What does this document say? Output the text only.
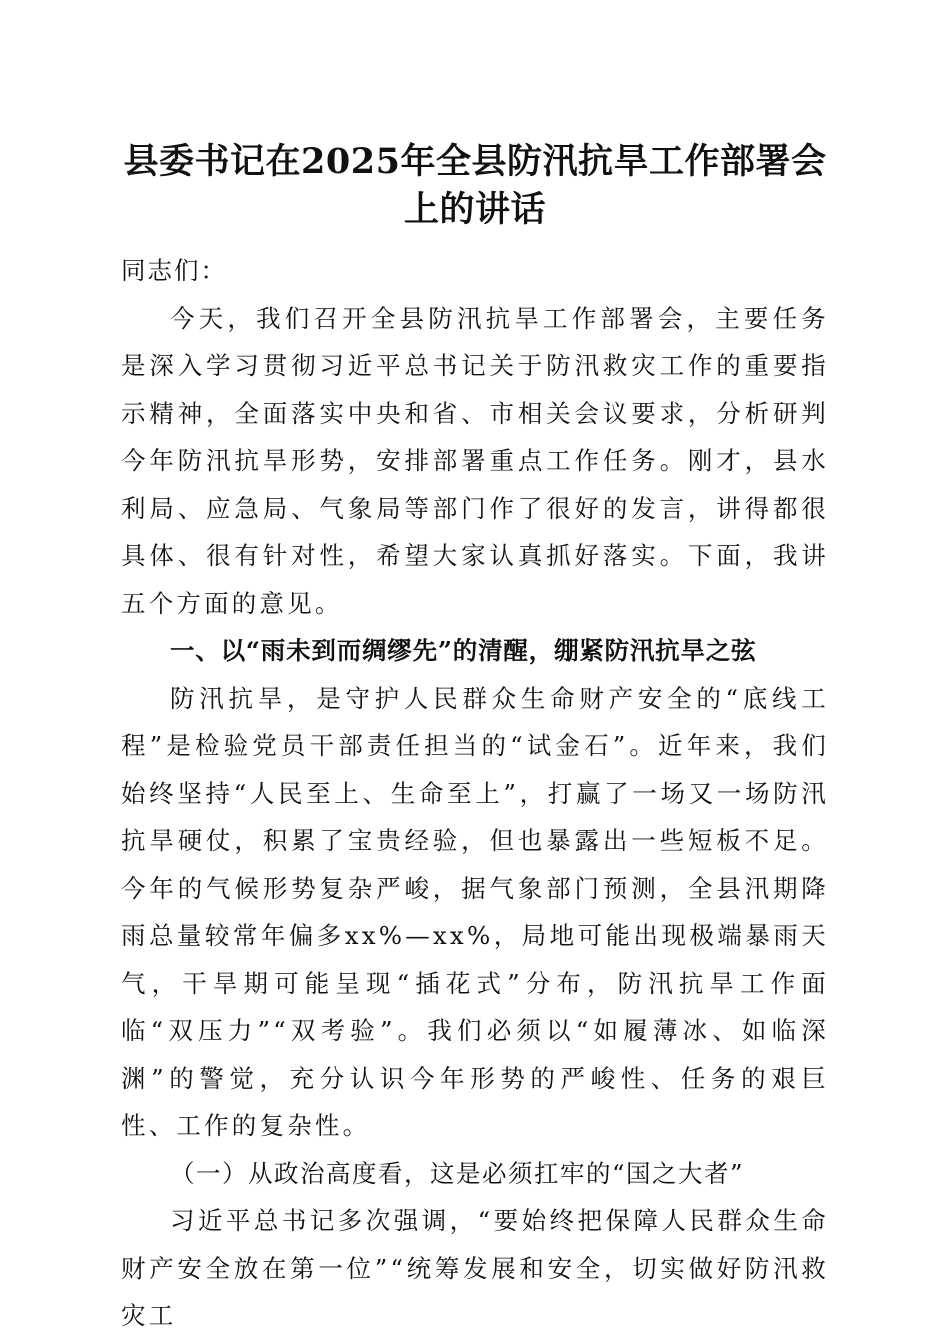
县委书记在2025年全县防汛抗旱工作部署会
上的讲话

同志们：

今天，我们召开全县防汛抗旱工作部署会，主要任务是深入学习贯彻习近平总书记关于防汛救灾工作的重要指示精神，全面落实中央和省、市相关会议要求，分析研判今年防汛抗旱形势，安排部署重点工作任务。刚才，县水利局、应急局、气象局等部门作了很好的发言，讲得都很具体、很有针对性，希望大家认真抓好落实。下面，我讲五个方面的意见。

一、以“雨未到而绸缪先”的清醒，绷紧防汛抗旱之弦

防汛抗旱，是守护人民群众生命财产安全的“底线工程”是检验党员干部责任担当的“试金石”。近年来，我们始终坚持“人民至上、生命至上”，打赢了一场又一场防汛抗旱硬仗，积累了宝贵经验，但也暴露出一些短板不足。今年的气候形势复杂严峻，据气象部门预测，全县汛期降雨总量较常年偏多xx%—xx%，局地可能出现极端暴雨天气，干旱期可能呈现“插花式”分布，防汛抗旱工作面临“双压力”“双考验”。我们必须以“如履薄冰、如临深渊”的警觉，充分认识今年形势的严峻性、任务的艰巨性、工作的复杂性。

（一）从政治高度看，这是必须扛牢的“国之大者”

习近平总书记多次强调，“要始终把保障人民群众生命财产安全放在第一位”“统筹发展和安全，切实做好防汛救灾工
